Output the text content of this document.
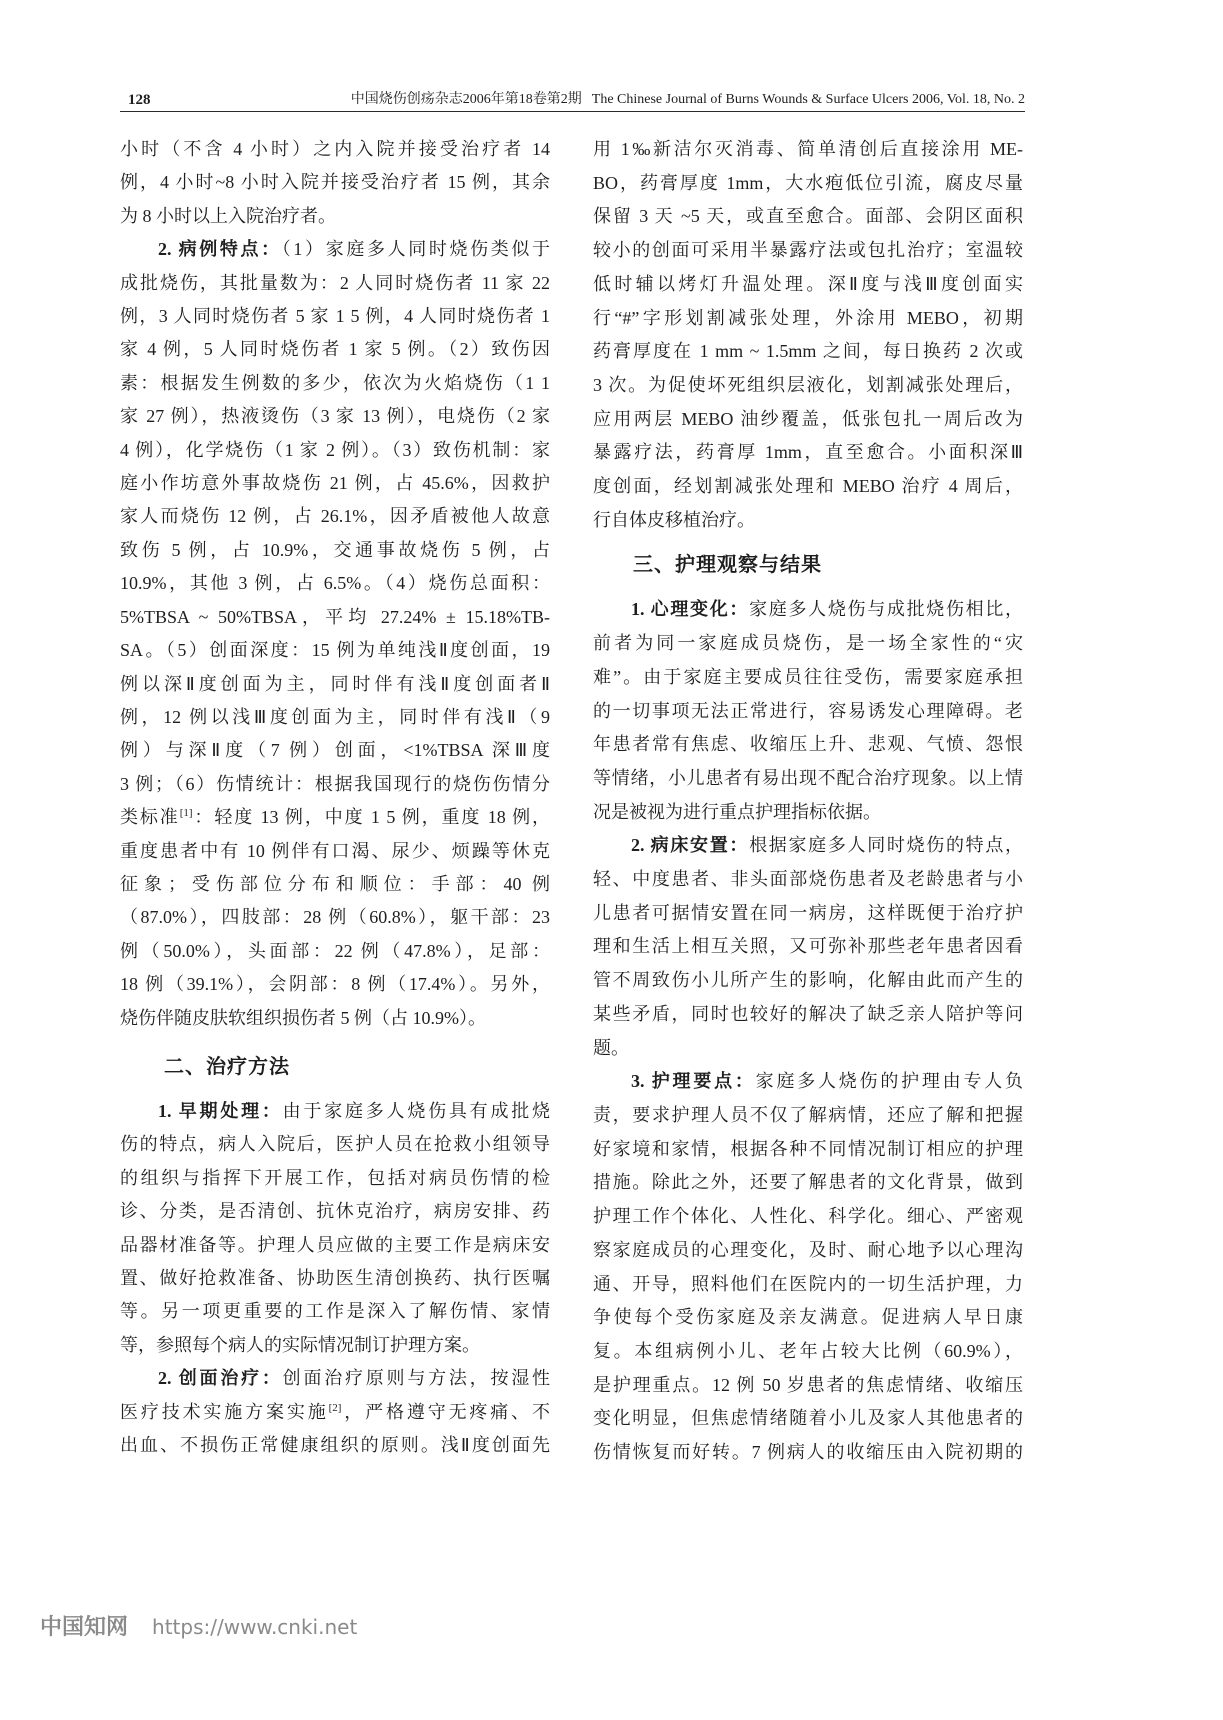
128	中国烧伤创疡杂志2006年第18卷第2期 The Chinese Journal of Burns Wounds & Surface Ulcers 2006, Vol. 18, No. 2
小时（不含 4 小时）之内入院并接受治疗者 14
例，4 小时~8 小时入院并接受治疗者 15 例，其余
为 8 小时以上入院治疗者。
2. 病例特点：（1）家庭多人同时烧伤类似于
成批烧伤，其批量数为：2 人同时烧伤者 11 家 22
例，3 人同时烧伤者 5 家 1 5 例，4 人同时烧伤者 1
家 4 例，5 人同时烧伤者 1 家 5 例。（2）致伤因
素：根据发生例数的多少，依次为火焰烧伤（1 1
家 27 例），热液烫伤（3 家 13 例），电烧伤（2 家
4 例），化学烧伤（1 家 2 例）。（3）致伤机制：家
庭小作坊意外事故烧伤 21 例，占 45.6%，因救护
家人而烧伤 12 例，占 26.1%，因矛盾被他人故意
致伤 5 例，占 10.9%，交通事故烧伤 5 例，占
10.9%，其他 3 例，占 6.5%。（4）烧伤总面积：
5%TBSA ~ 50%TBSA，平均 27.24% ± 15.18%TB-
SA。（5）创面深度：15 例为单纯浅Ⅱ度创面，19
例以深Ⅱ度创面为主，同时伴有浅Ⅱ度创面者Ⅱ
例，12 例以浅Ⅲ度创面为主，同时伴有浅Ⅱ（9
例）与深Ⅱ度（7 例）创面，<1%TBSA 深Ⅲ度
3 例；（6）伤情统计：根据我国现行的烧伤伤情分
类标准[1]：轻度 13 例，中度 1 5 例，重度 18 例，
重度患者中有 10 例伴有口渴、尿少、烦躁等休克
征象；受伤部位分布和顺位：手部：40 例
（87.0%），四肢部：28 例（60.8%），躯干部：23
例（50.0%），头面部：22 例（47.8%），足部：
18 例（39.1%），会阴部：8 例（17.4%）。另外，
烧伤伴随皮肤软组织损伤者 5 例（占 10.9%）。
二、治疗方法
1. 早期处理：由于家庭多人烧伤具有成批烧
伤的特点，病人入院后，医护人员在抢救小组领导
的组织与指挥下开展工作，包括对病员伤情的检
诊、分类，是否清创、抗休克治疗，病房安排、药
品器材准备等。护理人员应做的主要工作是病床安
置、做好抢救准备、协助医生清创换药、执行医嘱
等。另一项更重要的工作是深入了解伤情、家情
等，参照每个病人的实际情况制订护理方案。
2. 创面治疗：创面治疗原则与方法，按湿性
医疗技术实施方案实施[2]，严格遵守无疼痛、不
出血、不损伤正常健康组织的原则。浅Ⅱ度创面先
用 1‰新洁尔灭消毒、简单清创后直接涂用 ME-
BO，药膏厚度 1mm，大水疱低位引流，腐皮尽量
保留 3 天 ~5 天，或直至愈合。面部、会阴区面积
较小的创面可采用半暴露疗法或包扎治疗；室温较
低时辅以烤灯升温处理。深Ⅱ度与浅Ⅲ度创面实
行“#”字形划割减张处理，外涂用 MEBO，初期
药膏厚度在 1 mm ~ 1.5mm 之间，每日换药 2 次或
3 次。为促使坏死组织层液化，划割减张处理后，
应用两层 MEBO 油纱覆盖，低张包扎一周后改为
暴露疗法，药膏厚 1mm，直至愈合。小面积深Ⅲ
度创面，经划割减张处理和 MEBO 治疗 4 周后，
行自体皮移植治疗。
三、护理观察与结果
1. 心理变化：家庭多人烧伤与成批烧伤相比，
前者为同一家庭成员烧伤，是一场全家性的“灾
难”。由于家庭主要成员往往受伤，需要家庭承担
的一切事项无法正常进行，容易诱发心理障碍。老
年患者常有焦虑、收缩压上升、悲观、气愤、怨恨
等情绪，小儿患者有易出现不配合治疗现象。以上情
况是被视为进行重点护理指标依据。
2. 病床安置：根据家庭多人同时烧伤的特点，
轻、中度患者、非头面部烧伤患者及老龄患者与小
儿患者可据情安置在同一病房，这样既便于治疗护
理和生活上相互关照，又可弥补那些老年患者因看
管不周致伤小儿所产生的影响，化解由此而产生的
某些矛盾，同时也较好的解决了缺乏亲人陪护等问
题。
3. 护理要点：家庭多人烧伤的护理由专人负
责，要求护理人员不仅了解病情，还应了解和把握
好家境和家情，根据各种不同情况制订相应的护理
措施。除此之外，还要了解患者的文化背景，做到
护理工作个体化、人性化、科学化。细心、严密观
察家庭成员的心理变化，及时、耐心地予以心理沟
通、开导，照料他们在医院内的一切生活护理，力
争使每个受伤家庭及亲友满意。促进病人早日康
复。本组病例小儿、老年占较大比例（60.9%），
是护理重点。12 例 50 岁患者的焦虑情绪、收缩压
变化明显，但焦虑情绪随着小儿及家人其他患者的
伤情恢复而好转。7 例病人的收缩压由入院初期的
中国知网 https://www.cnki.net
